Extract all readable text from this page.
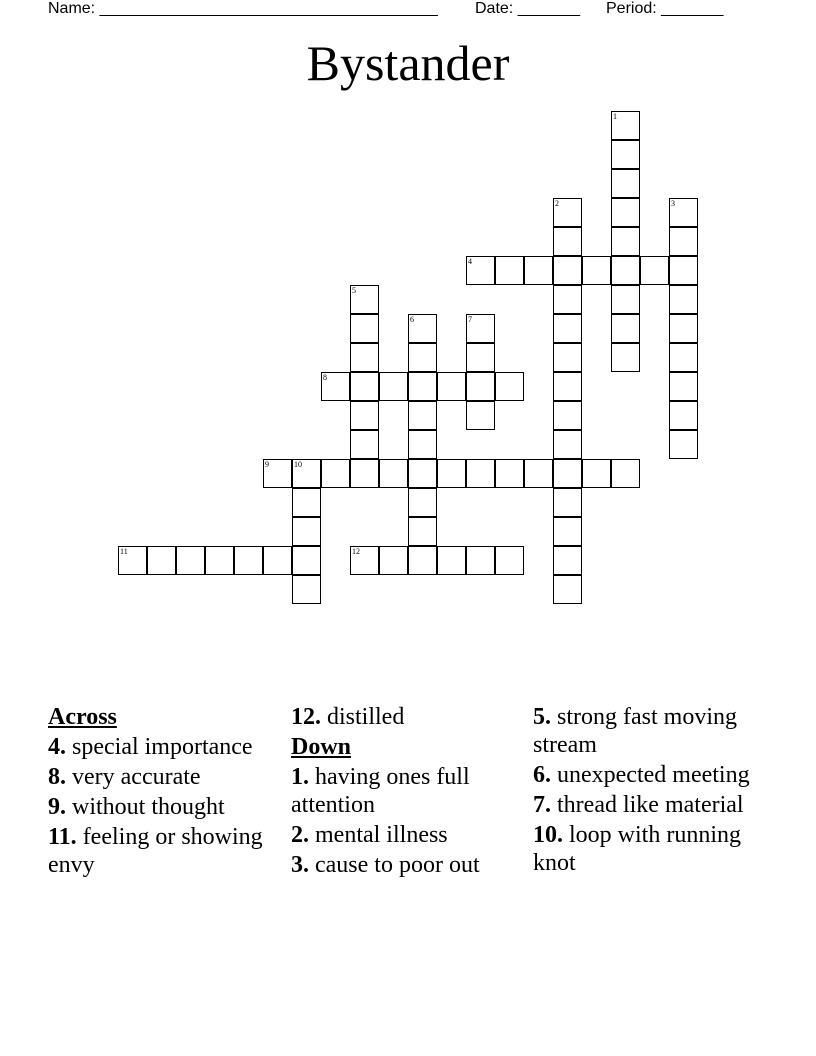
Name: ______________________________________ Date: _______ Period: _______
Bystander
1
2	3
4
5
6	7
8
9	10
11	12
Across
4. special importance
8. very accurate
9. without thought
11. feeling or showing envy
12. distilled
Down
1. having ones full attention
2. mental illness
3. cause to poor out
5. strong fast moving stream
6. unexpected meeting
7. thread like material
10. loop with running knot
